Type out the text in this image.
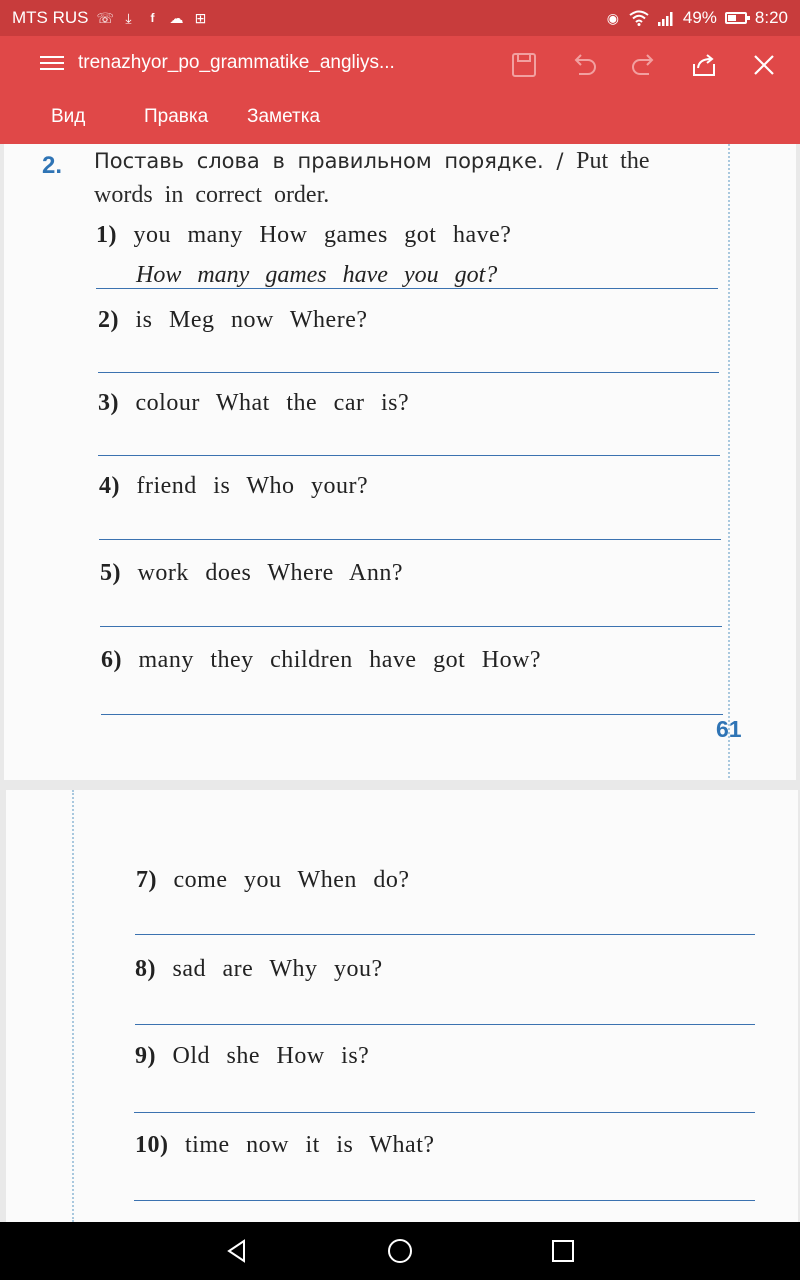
MTS RUS ☏ ⤓	f	☁ ⊞	◉	49% 8:20
trenazhyor_po_grammatike_angliys...
Вид	Правка Заметка
2. Поставь слова в правильном порядке. / Put the
words in correct order.
1) you many How games got have?
How many games have you got?
2) is Meg now Where?
3) colour What the car is?
4) friend is Who your?
5) work does Where Ann?
6) many they children have got How?
61
7) come you When do?
8) sad are Why you?
9) Old she How is?
10) time now it is What?
